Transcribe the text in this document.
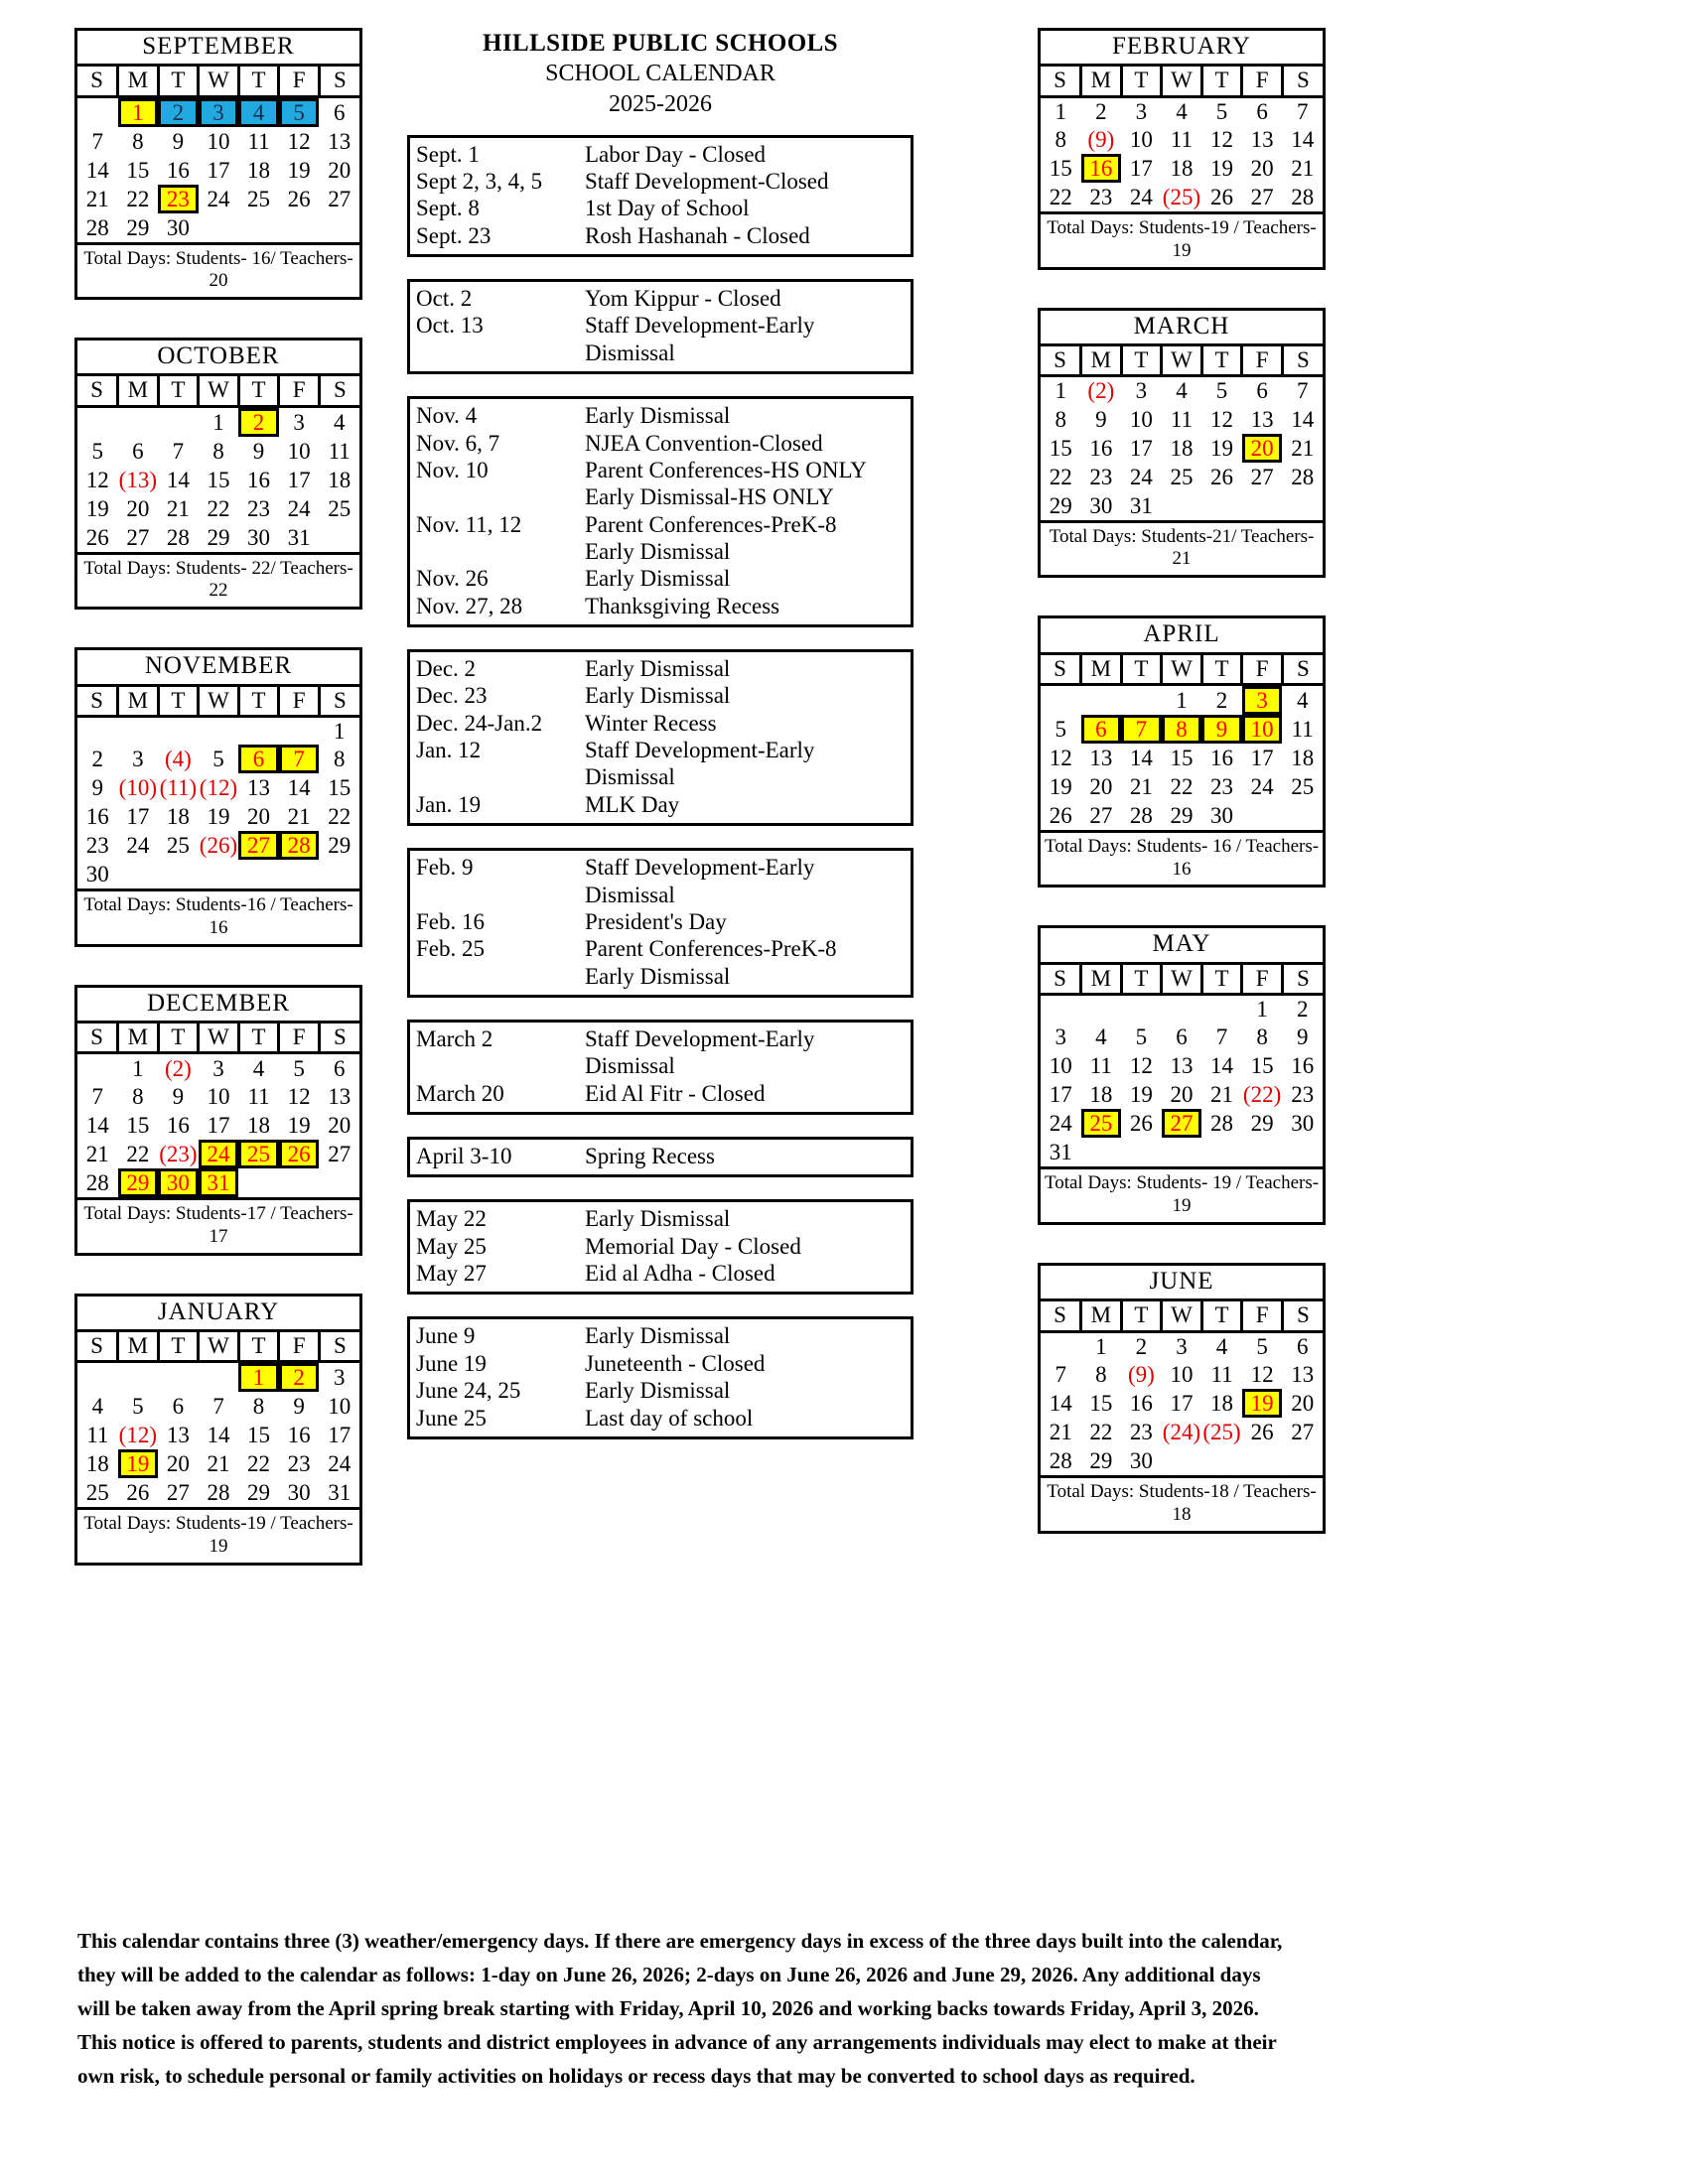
SEPTEMBER
S	M	T	W	T	F	S

	1	2	3	4	5	6

7	8	9	10	11	12	13

14	15	16	17	18	19	20

21	22	23	24	25	26	27

28	29	30				

Total Days: Students- 16/ Teachers- 20
OCTOBER
S	M	T	W	T	F	S

			1	2	3	4

5	6	7	8	9	10	11

12	(13)	14	15	16	17	18

19	20	21	22	23	24	25

26	27	28	29	30	31	

Total Days: Students- 22/ Teachers-22
NOVEMBER
S	M	T	W	T	F	S

						1

2	3	(4)	5	6	7	8

9	(10)	(11)	(12)	13	14	15

16	17	18	19	20	21	22

23	24	25	(26)	27	28	29

30						

Total Days: Students-16 / Teachers-16
DECEMBER
S	M	T	W	T	F	S

	1	(2)	3	4	5	6

7	8	9	10	11	12	13

14	15	16	17	18	19	20

21	22	(23)	24	25	26	27

28	29	30	31			

Total Days: Students-17 / Teachers- 17
JANUARY
S	M	T	W	T	F	S

				1	2	3

4	5	6	7	8	9	10

11	(12)	13	14	15	16	17

18	19	20	21	22	23	24

25	26	27	28	29	30	31
Total Days: Students-19 / Teachers-19
HILLSIDE PUBLIC SCHOOLS
SCHOOL CALENDAR
2025-2026
Sept. 1	Labor Day - Closed
Sept 2, 3, 4, 5	Staff Development-Closed
Sept. 8	1st Day of School
Sept. 23	Rosh Hashanah - Closed
Oct. 2	Yom Kippur - Closed
Oct. 13	Staff Development-Early Dismissal
Nov. 4	Early Dismissal
Nov. 6, 7	NJEA Convention-Closed
Nov. 10	Parent Conferences-HS ONLY
Early Dismissal-HS ONLY
Nov. 11, 12	Parent Conferences-PreK-8
Early Dismissal
Nov. 26	Early Dismissal
Nov. 27, 28	Thanksgiving Recess
Dec. 2	Early Dismissal
Dec. 23	Early Dismissal
Dec. 24-Jan.2	Winter Recess
Jan. 12	Staff Development-Early Dismissal
Jan. 19	MLK Day
Feb. 9	Staff Development-Early Dismissal
Feb. 16	President's Day
Feb. 25	Parent Conferences-PreK-8
Early Dismissal
March 2	Staff Development-Early Dismissal
March 20	Eid Al Fitr - Closed
April 3-10	Spring Recess
May 22	Early Dismissal
May 25	Memorial Day - Closed
May 27	Eid al Adha - Closed
June 9	Early Dismissal
June 19	Juneteenth - Closed
June 24, 25	Early Dismissal
June 25	Last day of school
FEBRUARY
S	M	T	W	T	F	S

1	2	3	4	5	6	7

8	(9)	10	11	12	13	14

15	16	17	18	19	20	21

22	23	24	(25)	26	27	28
Total Days: Students-19 / Teachers-19
MARCH
S	M	T	W	T	F	S

1	(2)	3	4	5	6	7

8	9	10	11	12	13	14

15	16	17	18	19	20	21

22	23	24	25	26	27	28

29	30	31				

Total Days: Students-21/ Teachers-21
APRIL
S	M	T	W	T	F	S

			1	2	3	4

5	6	7	8	9	10	11

12	13	14	15	16	17	18

19	20	21	22	23	24	25

26	27	28	29	30		

Total Days: Students- 16 / Teachers-16
MAY
S	M	T	W	T	F	S

					1	2

3	4	5	6	7	8	9

10	11	12	13	14	15	16

17	18	19	20	21	(22)	23

24	25	26	27	28	29	30

31						

Total Days: Students- 19 / Teachers-19
JUNE
S	M	T	W	T	F	S

	1	2	3	4	5	6

7	8	(9)	10	11	12	13

14	15	16	17	18	19	20

21	22	23	(24)	(25)	26	27

28	29	30				

Total Days: Students-18 / Teachers-18

This calendar contains three (3) weather/emergency days. If there are emergency days in excess of the three days built into the calendar,

they will be added to the calendar as follows: 1-day on June 26, 2026; 2-days on June 26, 2026 and June 29, 2026. Any additional days

will be taken away from the April spring break starting with Friday, April 10, 2026 and working backs towards Friday, April 3, 2026.

This notice is offered to parents, students and district employees in advance of any arrangements individuals may elect to make at their

own risk, to schedule personal or family activities on holidays or recess days that may be converted to school days as required.
